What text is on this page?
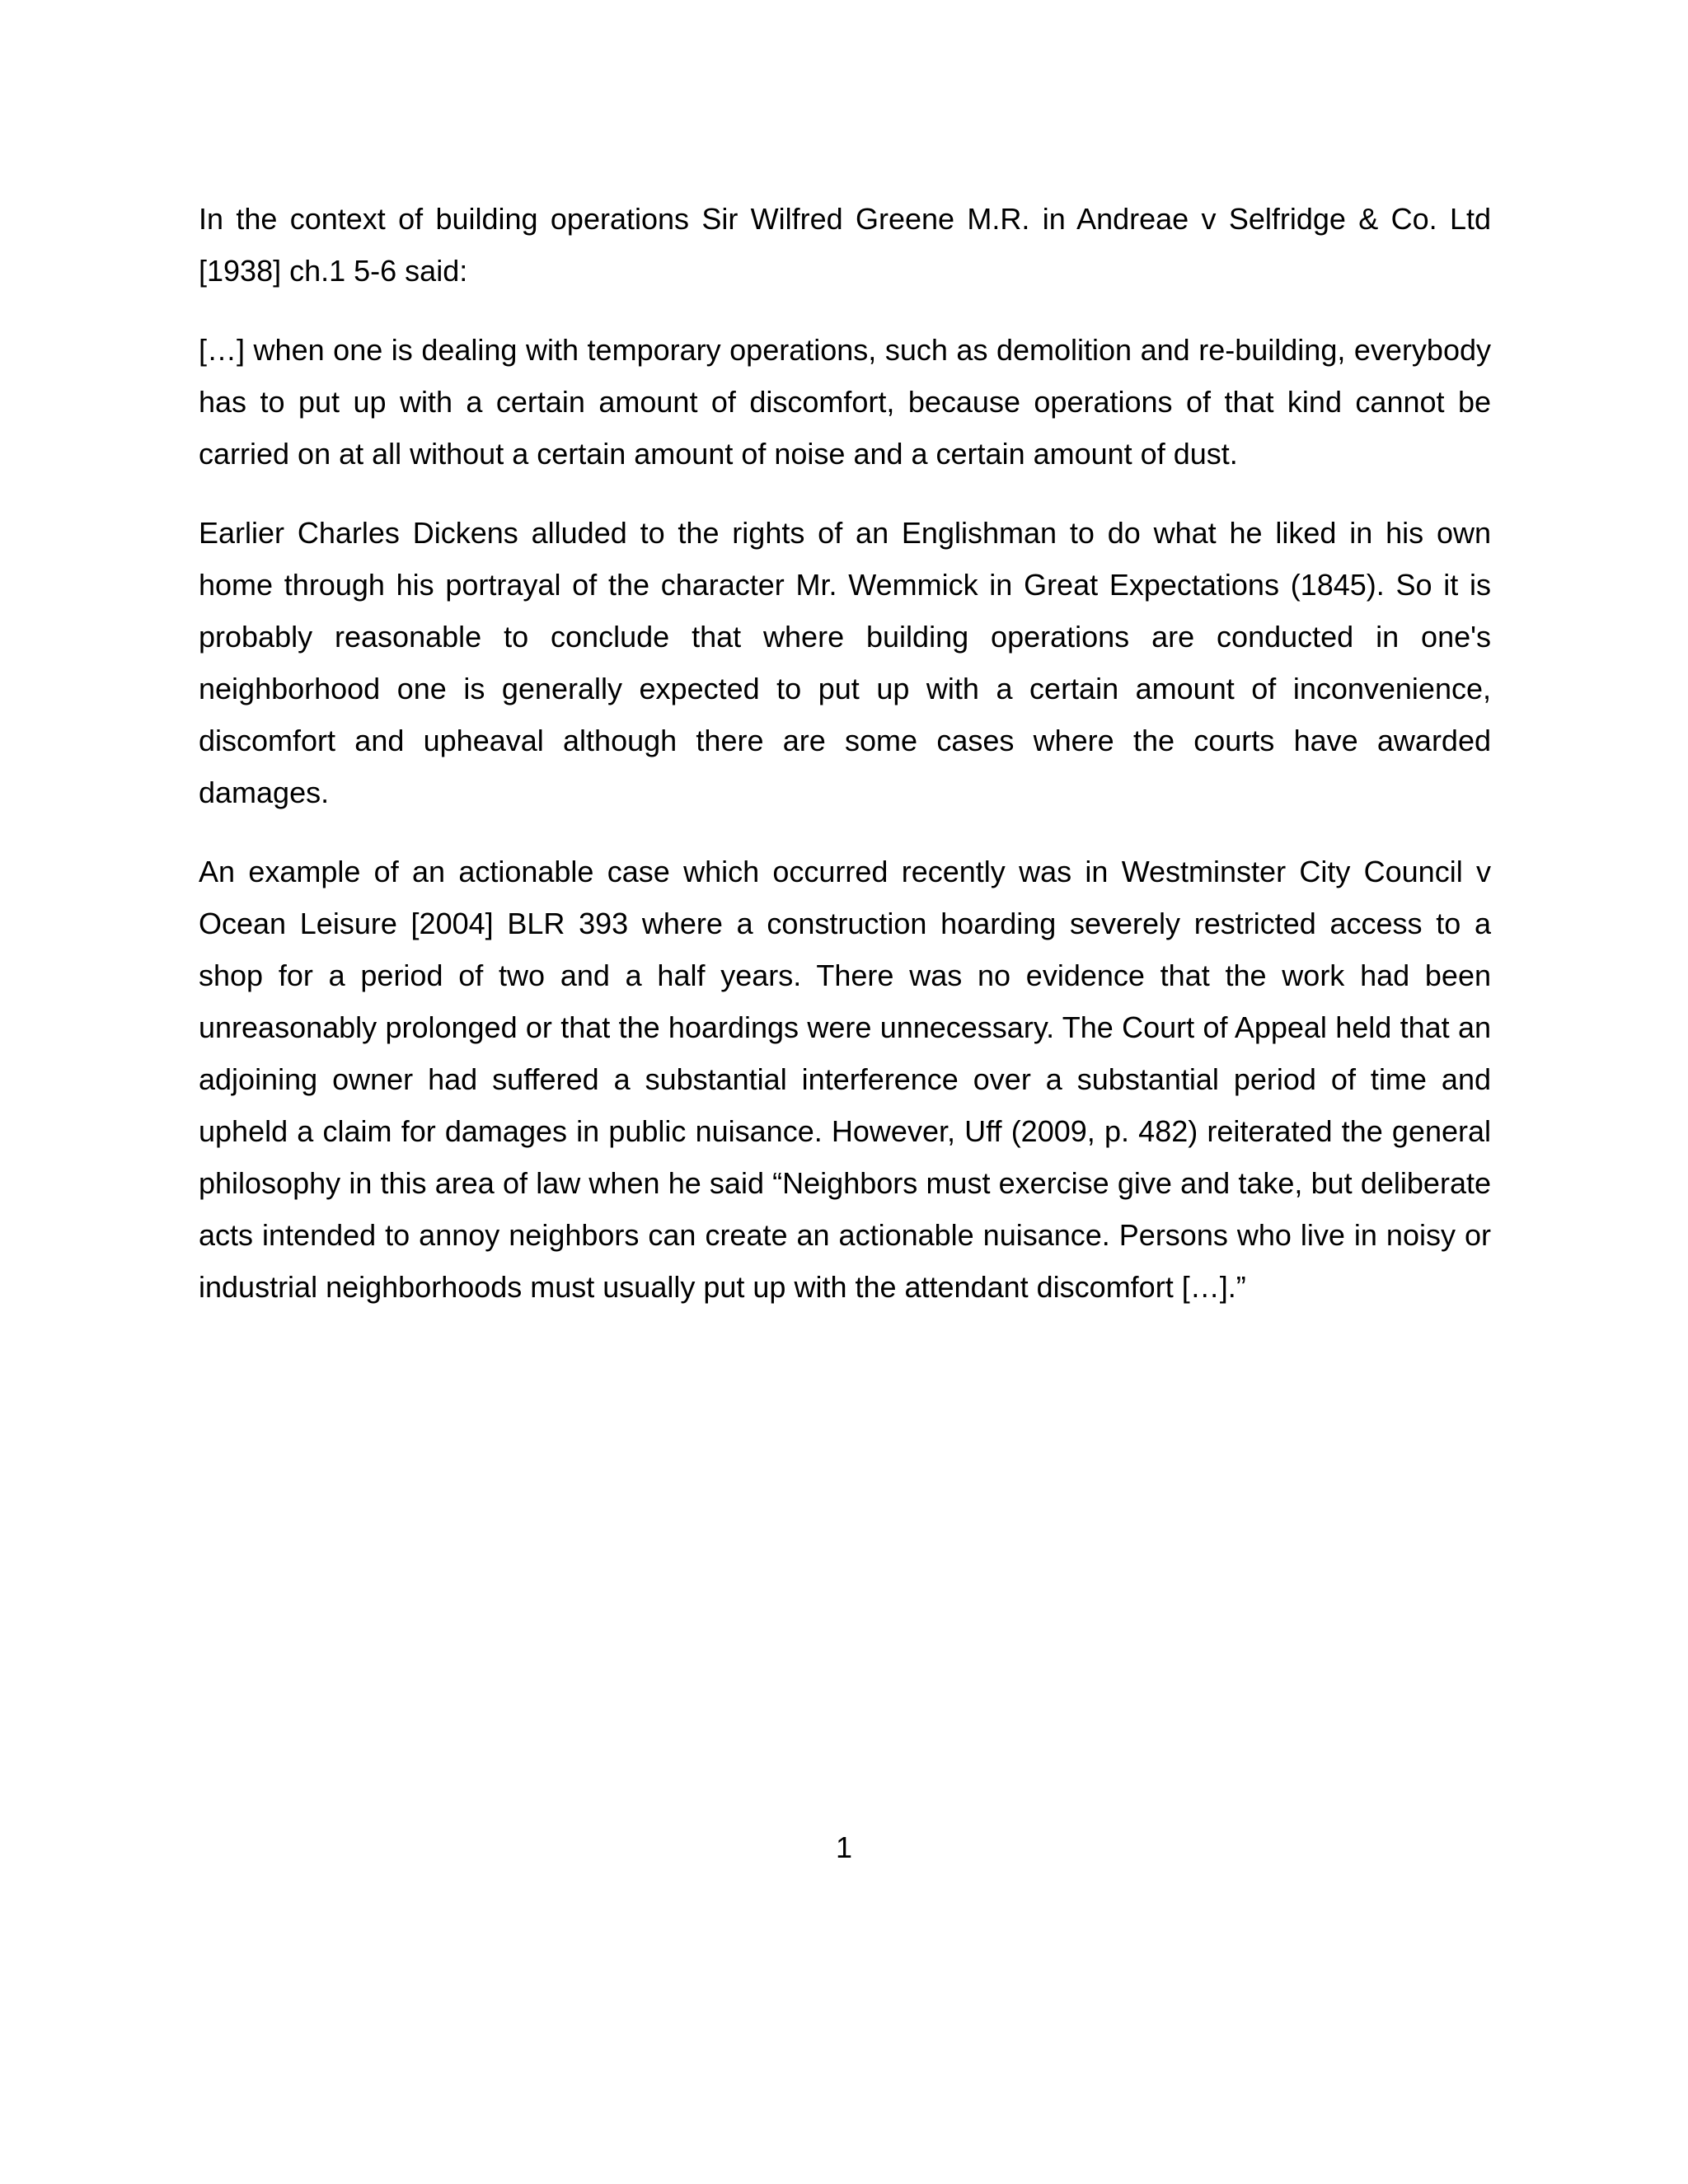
In the context of building operations Sir Wilfred Greene M.R. in Andreae v Selfridge & Co. Ltd [1938] ch.1 5-6 said:

[…] when one is dealing with temporary operations, such as demolition and re-building, everybody has to put up with a certain amount of discomfort, because operations of that kind cannot be carried on at all without a certain amount of noise and a certain amount of dust.

Earlier Charles Dickens alluded to the rights of an Englishman to do what he liked in his own home through his portrayal of the character Mr. Wemmick in Great Expectations (1845). So it is probably reasonable to conclude that where building operations are conducted in one's neighborhood one is generally expected to put up with a certain amount of inconvenience, discomfort and upheaval although there are some cases where the courts have awarded damages.

An example of an actionable case which occurred recently was in Westminster City Council v Ocean Leisure [2004] BLR 393 where a construction hoarding severely restricted access to a shop for a period of two and a half years. There was no evidence that the work had been unreasonably prolonged or that the hoardings were unnecessary. The Court of Appeal held that an adjoining owner had suffered a substantial interference over a substantial period of time and upheld a claim for damages in public nuisance. However, Uff (2009, p. 482) reiterated the general philosophy in this area of law when he said “Neighbors must exercise give and take, but deliberate acts intended to annoy neighbors can create an actionable nuisance. Persons who live in noisy or industrial neighborhoods must usually put up with the attendant discomfort […].”

1
